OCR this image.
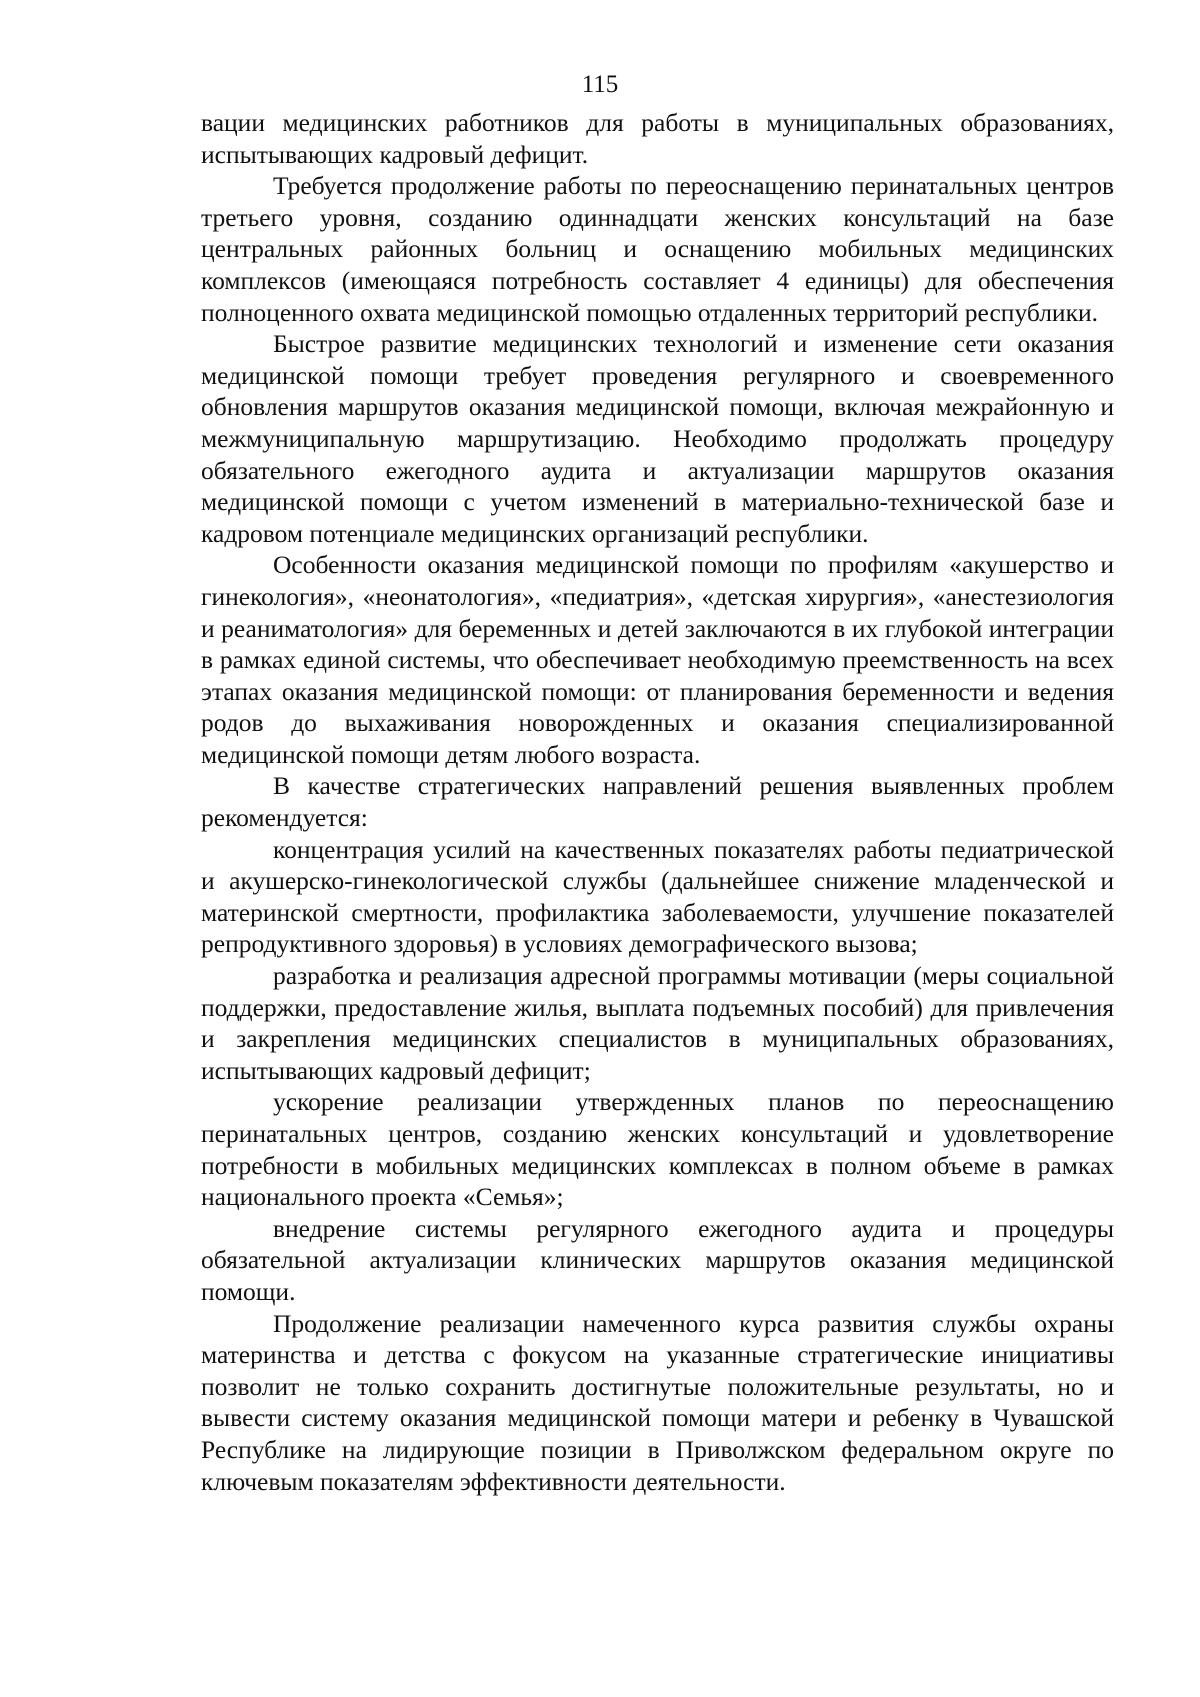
115

вации медицинских работников для работы в муниципальных образованиях, испытывающих кадровый дефицит.

Требуется продолжение работы по переоснащению перинатальных центров третьего уровня, созданию одиннадцати женских консультаций на базе центральных районных больниц и оснащению мобильных медицинских комплексов (имеющаяся потребность составляет 4 единицы) для обеспечения полноценного охвата медицинской помощью отдаленных территорий республики.

Быстрое развитие медицинских технологий и изменение сети оказания медицинской помощи требует проведения регулярного и своевременного обновления маршрутов оказания медицинской помощи, включая межрайонную и межмуниципальную маршрутизацию. Необходимо продолжать процедуру обязательного ежегодного аудита и актуализации маршрутов оказания медицинской помощи с учетом изменений в материально-технической базе и кадровом потенциале медицинских организаций республики.

Особенности оказания медицинской помощи по профилям «акушерство и гинекология», «неонатология», «педиатрия», «детская хирургия», «анестезиология и реаниматология» для беременных и детей заключаются в их глубокой интеграции в рамках единой системы, что обеспечивает необходимую преемственность на всех этапах оказания медицинской помощи: от планирования беременности и ведения родов до выхаживания новорожденных и оказания специализированной медицинской помощи детям любого возраста.

В качестве стратегических направлений решения выявленных проблем рекомендуется:

концентрация усилий на качественных показателях работы педиатрической и акушерско-гинекологической службы (дальнейшее снижение младенческой и материнской смертности, профилактика заболеваемости, улучшение показателей репродуктивного здоровья) в условиях демографического вызова;

разработка и реализация адресной программы мотивации (меры социальной поддержки, предоставление жилья, выплата подъемных пособий) для привлечения и закрепления медицинских специалистов в муниципальных образованиях, испытывающих кадровый дефицит;

ускорение реализации утвержденных планов по переоснащению перинатальных центров, созданию женских консультаций и удовлетворение потребности в мобильных медицинских комплексах в полном объеме в рамках национального проекта «Семья»;

внедрение системы регулярного ежегодного аудита и процедуры обязательной актуализации клинических маршрутов оказания медицинской помощи.

Продолжение реализации намеченного курса развития службы охраны материнства и детства с фокусом на указанные стратегические инициативы позволит не только сохранить достигнутые положительные результаты, но и вывести систему оказания медицинской помощи матери и ребенку в Чувашской Республике на лидирующие позиции в Приволжском федеральном округе по ключевым показателям эффективности деятельности.
